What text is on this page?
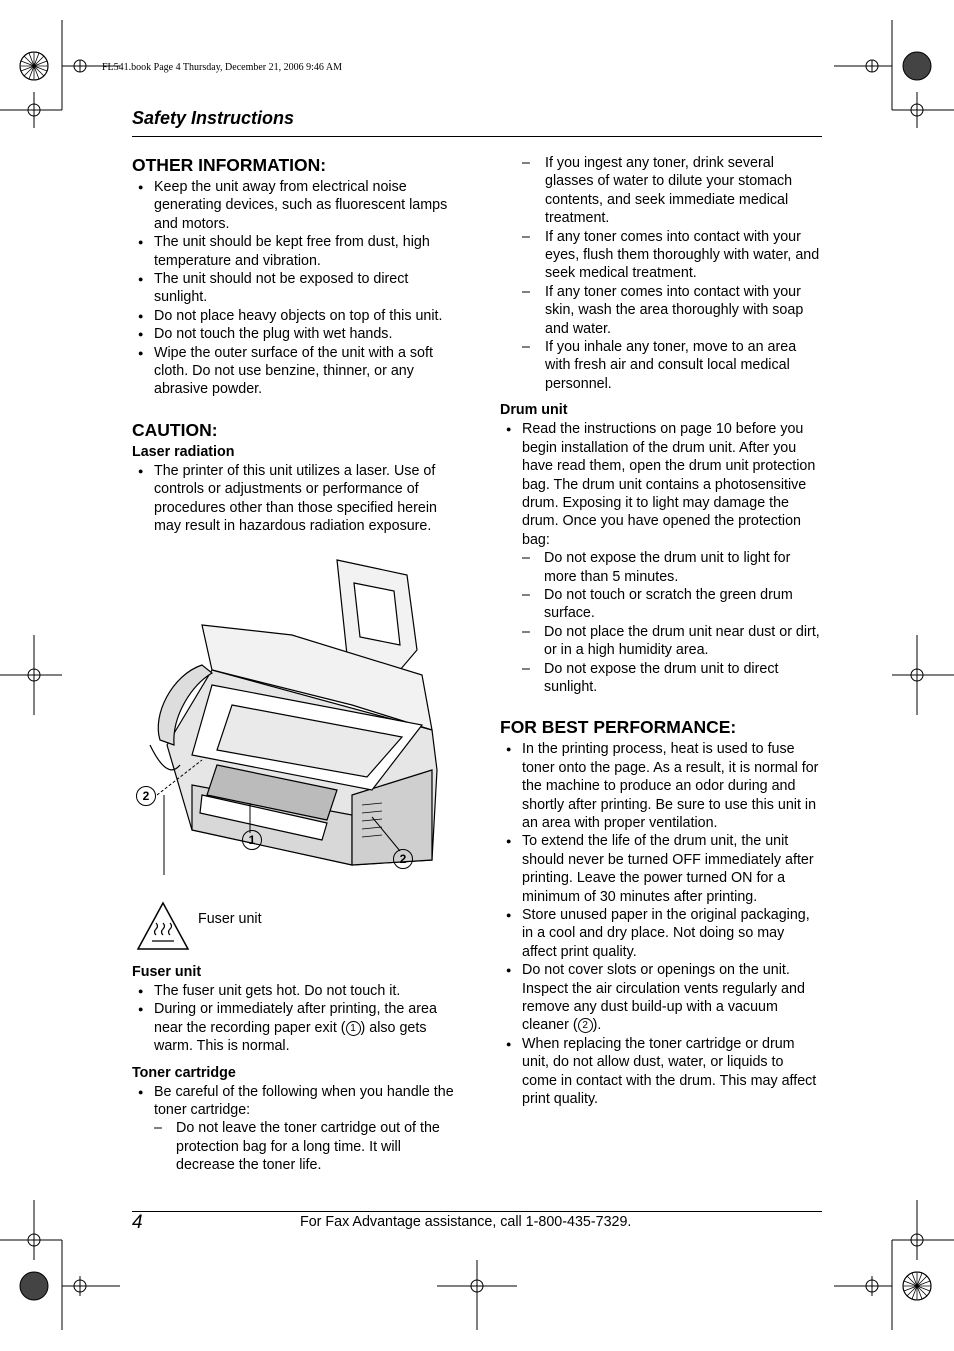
FL541.book Page 4 Thursday, December 21, 2006 9:46 AM
Safety Instructions
OTHER INFORMATION:
● Keep the unit away from electrical noise generating devices, such as fluorescent lamps and motors.
● The unit should be kept free from dust, high temperature and vibration.
● The unit should not be exposed to direct sunlight.
● Do not place heavy objects on top of this unit.
● Do not touch the plug with wet hands.
● Wipe the outer surface of the unit with a soft cloth. Do not use benzine, thinner, or any abrasive powder.
CAUTION:
Laser radiation
● The printer of this unit utilizes a laser. Use of controls or adjustments or performance of procedures other than those specified herein may result in hazardous radiation exposure.
2
1
2
Fuser unit
Fuser unit
● The fuser unit gets hot. Do not touch it.
● During or immediately after printing, the area near the recording paper exit ( 1 ) also gets warm. This is normal.
Toner cartridge
● Be careful of the following when you handle the toner cartridge:
– Do not leave the toner cartridge out of the protection bag for a long time. It will decrease the toner life.
– If you ingest any toner, drink several glasses of water to dilute your stomach contents, and seek immediate medical treatment.
– If any toner comes into contact with your eyes, flush them thoroughly with water, and seek medical treatment.
– If any toner comes into contact with your skin, wash the area thoroughly with soap and water.
– If you inhale any toner, move to an area with fresh air and consult local medical personnel.
Drum unit
● Read the instructions on page 10 before you begin installation of the drum unit. After you have read them, open the drum unit protection bag. The drum unit contains a photosensitive drum. Exposing it to light may damage the drum. Once you have opened the protection bag:
– Do not expose the drum unit to light for more than 5 minutes.
– Do not touch or scratch the green drum surface.
– Do not place the drum unit near dust or dirt, or in a high humidity area.
– Do not expose the drum unit to direct sunlight.
FOR BEST PERFORMANCE:
● In the printing process, heat is used to fuse toner onto the page. As a result, it is normal for the machine to produce an odor during and shortly after printing. Be sure to use this unit in an area with proper ventilation.
● To extend the life of the drum unit, the unit should never be turned OFF immediately after printing. Leave the power turned ON for a minimum of 30 minutes after printing.
● Store unused paper in the original packaging, in a cool and dry place. Not doing so may affect print quality.
● Do not cover slots or openings on the unit. Inspect the air circulation vents regularly and remove any dust build-up with a vacuum cleaner ( 2 ).
● When replacing the toner cartridge or drum unit, do not allow dust, water, or liquids to come in contact with the drum. This may affect print quality.
4	For Fax Advantage assistance, call 1-800-435-7329.
